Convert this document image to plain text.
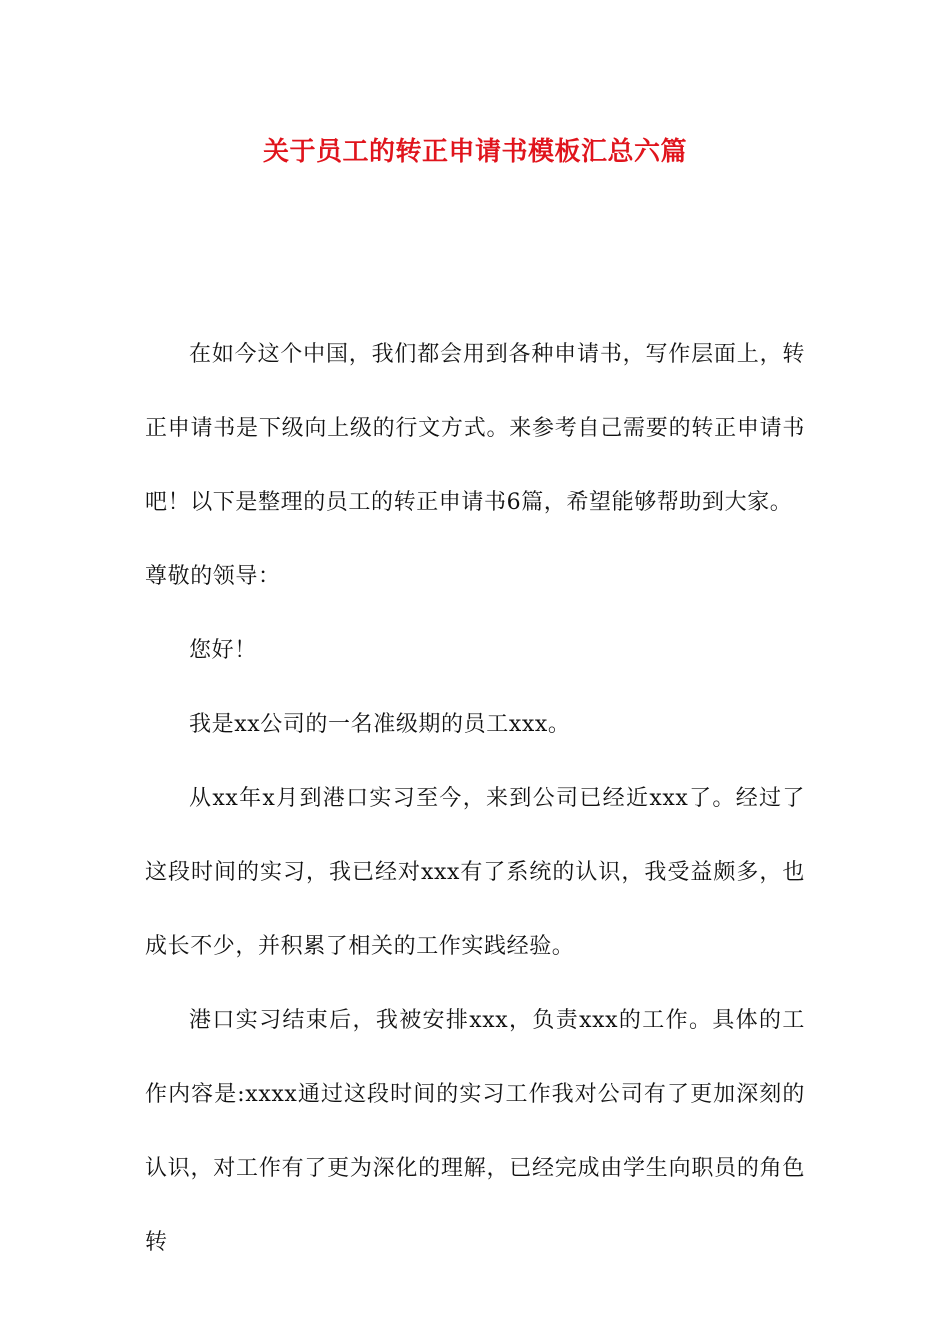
关于员工的转正申请书模板汇总六篇

在如今这个中国，我们都会用到各种申请书，写作层面上，转正申请书是下级向上级的行文方式。来参考自己需要的转正申请书吧！以下是整理的员工的转正申请书6篇，希望能够帮助到大家。

尊敬的领导：

您好！

我是xx公司的一名准级期的员工xxx。

从xx年x月到港口实习至今，来到公司已经近xxx了。经过了这段时间的实习，我已经对xxx有了系统的认识，我受益颇多，也成长不少，并积累了相关的工作实践经验。

港口实习结束后，我被安排xxx，负责xxx的工作。具体的工作内容是:xxxx通过这段时间的实习工作我对公司有了更加深刻的认识，对工作有了更为深化的理解，已经完成由学生向职员的角色转
